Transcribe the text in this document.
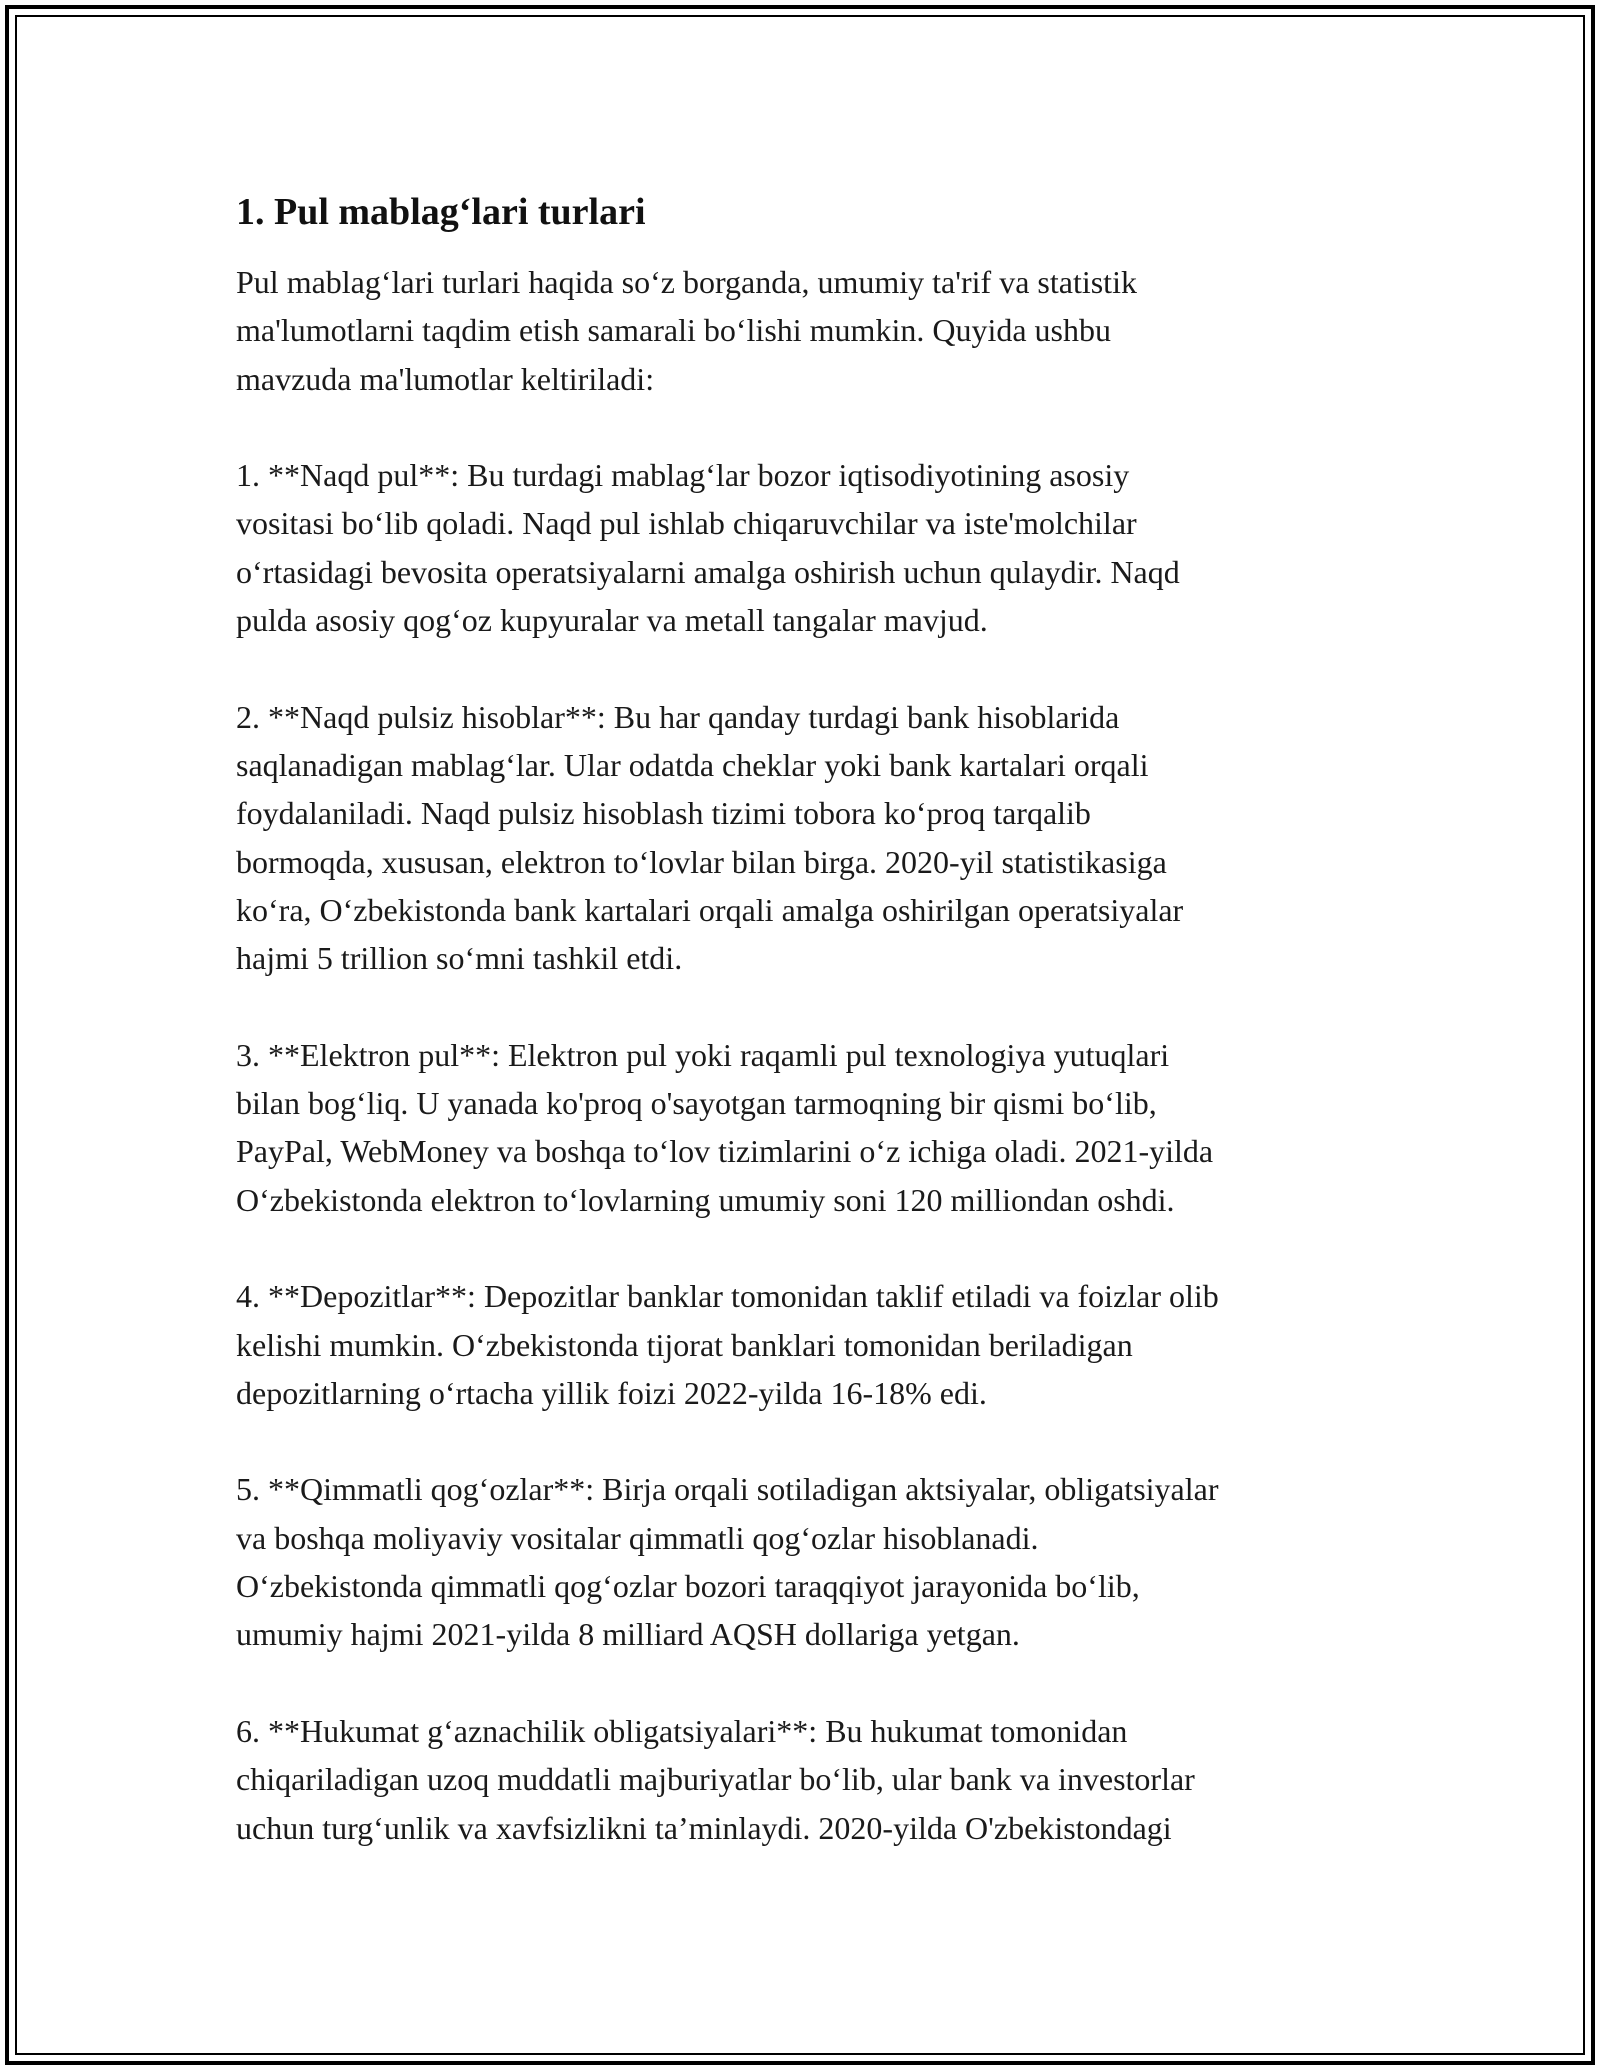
1. Pul mablag‘lari turlari

Pul mablag‘lari turlari haqida so‘z borganda, umumiy ta'rif va statistik
ma'lumotlarni taqdim etish samarali bo‘lishi mumkin. Quyida ushbu
mavzuda ma'lumotlar keltiriladi:

1. **Naqd pul**: Bu turdagi mablag‘lar bozor iqtisodiyotining asosiy
vositasi bo‘lib qoladi. Naqd pul ishlab chiqaruvchilar va iste'molchilar
o‘rtasidagi bevosita operatsiyalarni amalga oshirish uchun qulaydir. Naqd
pulda asosiy qog‘oz kupyuralar va metall tangalar mavjud.

2. **Naqd pulsiz hisoblar**: Bu har qanday turdagi bank hisoblarida
saqlanadigan mablag‘lar. Ular odatda cheklar yoki bank kartalari orqali
foydalaniladi. Naqd pulsiz hisoblash tizimi tobora ko‘proq tarqalib
bormoqda, xususan, elektron to‘lovlar bilan birga. 2020-yil statistikasiga
ko‘ra, O‘zbekistonda bank kartalari orqali amalga oshirilgan operatsiyalar
hajmi 5 trillion so‘mni tashkil etdi.

3. **Elektron pul**: Elektron pul yoki raqamli pul texnologiya yutuqlari
bilan bog‘liq. U yanada ko'proq o'sayotgan tarmoqning bir qismi bo‘lib,
PayPal, WebMoney va boshqa to‘lov tizimlarini o‘z ichiga oladi. 2021-yilda
O‘zbekistonda elektron to‘lovlarning umumiy soni 120 milliondan oshdi.

4. **Depozitlar**: Depozitlar banklar tomonidan taklif etiladi va foizlar olib
kelishi mumkin. O‘zbekistonda tijorat banklari tomonidan beriladigan
depozitlarning o‘rtacha yillik foizi 2022-yilda 16-18% edi.

5. **Qimmatli qog‘ozlar**: Birja orqali sotiladigan aktsiyalar, obligatsiyalar
va boshqa moliyaviy vositalar qimmatli qog‘ozlar hisoblanadi.
O‘zbekistonda qimmatli qog‘ozlar bozori taraqqiyot jarayonida bo‘lib,
umumiy hajmi 2021-yilda 8 milliard AQSH dollariga yetgan.

6. **Hukumat g‘aznachilik obligatsiyalari**: Bu hukumat tomonidan
chiqariladigan uzoq muddatli majburiyatlar bo‘lib, ular bank va investorlar
uchun turg‘unlik va xavfsizlikni ta’minlaydi. 2020-yilda O'zbekistondagi
